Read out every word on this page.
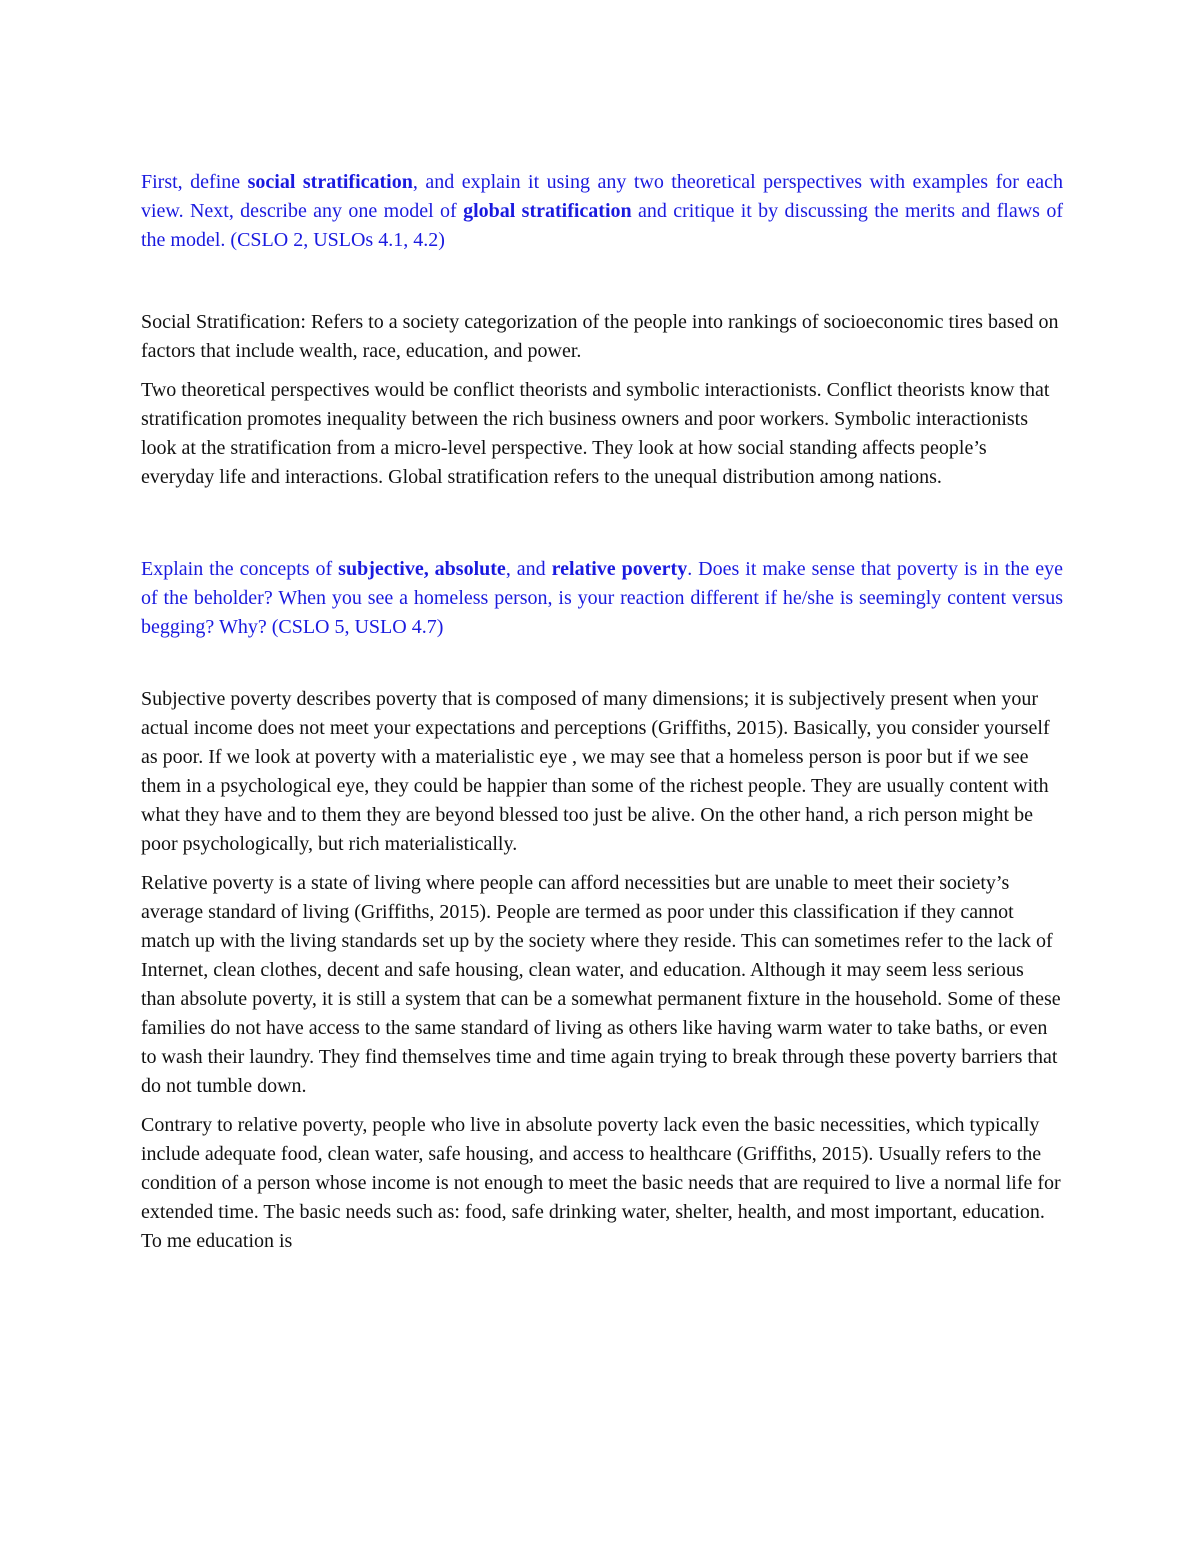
First, define social stratification, and explain it using any two theoretical perspectives with examples for each view. Next, describe any one model of global stratification and critique it by discussing the merits and flaws of the model. (CSLO 2, USLOs 4.1, 4.2)

Social Stratification: Refers to a society categorization of the people into rankings of socioeconomic tires based on factors that include wealth, race, education, and power.

Two theoretical perspectives would be conflict theorists and symbolic interactionists. Conflict theorists know that stratification promotes inequality between the rich business owners and poor workers. Symbolic interactionists look at the stratification from a micro-level perspective. They look at how social standing affects people’s everyday life and interactions. Global stratification refers to the unequal distribution among nations.

Explain the concepts of subjective, absolute, and relative poverty. Does it make sense that poverty is in the eye of the beholder? When you see a homeless person, is your reaction different if he/she is seemingly content versus begging? Why? (CSLO 5, USLO 4.7)

Subjective poverty describes poverty that is composed of many dimensions; it is subjectively present when your actual income does not meet your expectations and perceptions (Griffiths, 2015). Basically, you consider yourself as poor. If we look at poverty with a materialistic eye , we may see that a homeless person is poor but if we see them in a psychological eye, they could be happier than some of the richest people. They are usually content with what they have and to them they are beyond blessed too just be alive. On the other hand, a rich person might be poor psychologically, but rich materialistically.

Relative poverty is a state of living where people can afford necessities but are unable to meet their society’s average standard of living (Griffiths, 2015). People are termed as poor under this classification if they cannot match up with the living standards set up by the society where they reside. This can sometimes refer to the lack of Internet, clean clothes, decent and safe housing, clean water, and education. Although it may seem less serious than absolute poverty, it is still a system that can be a somewhat permanent fixture in the household. Some of these families do not have access to the same standard of living as others like having warm water to take baths, or even to wash their laundry. They find themselves time and time again trying to break through these poverty barriers that do not tumble down.

Contrary to relative poverty, people who live in absolute poverty lack even the basic necessities, which typically include adequate food, clean water, safe housing, and access to healthcare (Griffiths, 2015). Usually refers to the condition of a person whose income is not enough to meet the basic needs that are required to live a normal life for extended time. The basic needs such as: food, safe drinking water, shelter, health, and most important, education. To me education is
